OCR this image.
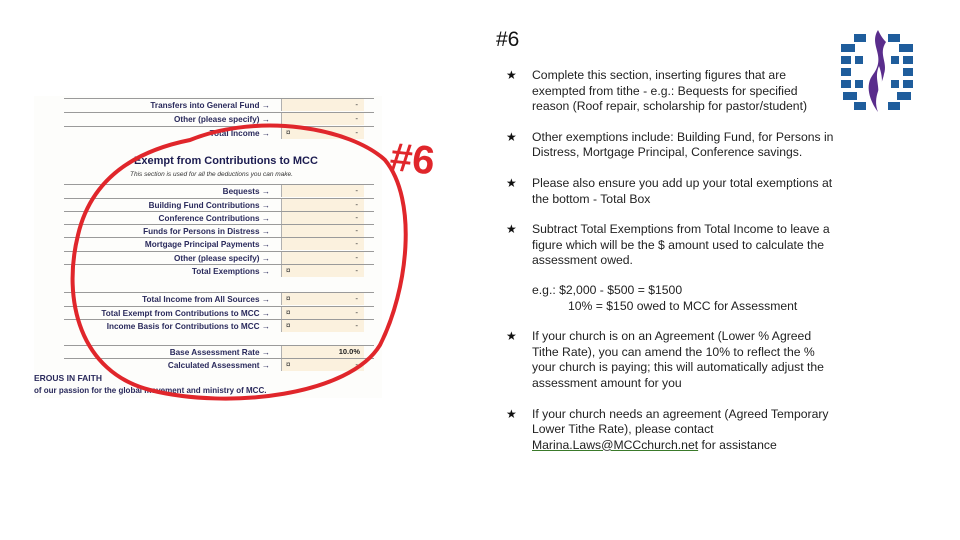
#6
Transfers into General Fund →	-
Other (please specify) →	-
Total Income → ¤	-
Exempt from Contributions to MCC
This section is used for all the deductions you can make.
Bequests →	-
Building Fund Contributions →	-
Conference Contributions →	-
Funds for Persons in Distress →	-
Mortgage Principal Payments →	-
Other (please specify) →	-
Total Exemptions → ¤	-
Total Income from All Sources → ¤	-
Total Exempt from Contributions to MCC → ¤	-
Income Basis for Contributions to MCC → ¤	-
Base Assessment Rate →	10.0%
Calculated Assessment → ¤	-
EROUS IN FAITH
of our passion for the global movement and ministry of MCC.
#6
★ Complete this section, inserting figures that are exempted from tithe - e.g.: Bequests for specified reason (Roof repair, scholarship for pastor/student)
★ Other exemptions include: Building Fund, for Persons in Distress, Mortgage Principal, Conference savings.
★ Please also ensure you add up your total exemptions at the bottom - Total Box
★ Subtract Total Exemptions from Total Income to leave a figure which will be the $ amount used to calculate the assessment owed.
e.g.: $2,000 - $500 = $1500
10% = $150 owed to MCC for Assessment
★ If your church is on an Agreement (Lower % Agreed Tithe Rate), you can amend the 10% to reflect the % your church is paying; this will automatically adjust the assessment amount for you
★ If your church needs an agreement (Agreed Temporary Lower Tithe Rate), please contact Marina.Laws@MCCchurch.net for assistance
